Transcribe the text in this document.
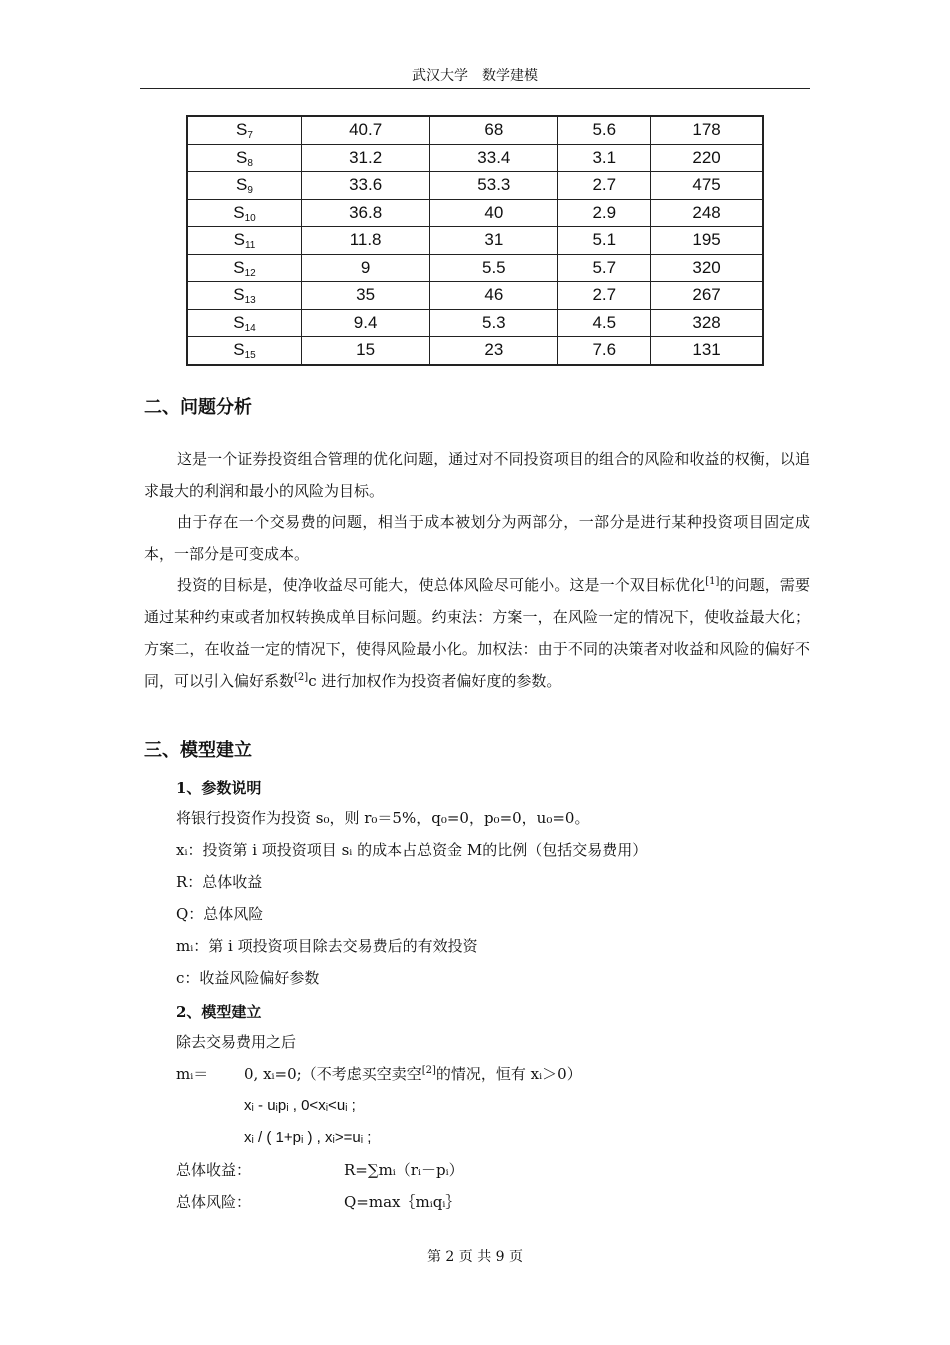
武汉大学　数学建模
$S_7$	40.7	68	5.6	178
$S_8$	31.2	33.4	3.1	220
$S_9$	33.6	53.3	2.7	475
$S_{10}$	36.8	40	2.9	248
$S_{11}$	11.8	31	5.1	195
$S_{12}$	9	5.5	5.7	320
$S_{13}$	35	46	2.7	267
$S_{14}$	9.4	5.3	4.5	328
$S_{15}$	15	23	7.6	131
二、问题分析

这是一个证券投资组合管理的优化问题，通过对不同投资项目的组合的风险和收益的权衡，以追求最大的利润和最小的风险为目标。

由于存在一个交易费的问题，相当于成本被划分为两部分，一部分是进行某种投资项目固定成本，一部分是可变成本。

投资的目标是，使净收益尽可能大，使总体风险尽可能小。这是一个双目标优化[1]的问题，需要通过某种约束或者加权转换成单目标问题。约束法：方案一，在风险一定的情况下，使收益最大化；方案二，在收益一定的情况下，使得风险最小化。加权法：由于不同的决策者对收益和风险的偏好不同，可以引入偏好系数[2]c 进行加权作为投资者偏好度的参数。

三、模型建立
1、参数说明
将银行投资作为投资 s₀，则 r₀＝5%，q₀=0，p₀=0，u₀=0。
xᵢ：投资第 i 项投资项目 sᵢ 的成本占总资金 M的比例（包括交易费用）
R：总体收益
Q：总体风险
mᵢ：第 i 项投资项目除去交易费后的有效投资
c：收益风险偏好参数
2、模型建立
除去交易费用之后
mᵢ＝ 0, xᵢ=0;（不考虑买空卖空[2]的情况，恒有 xᵢ＞0）
xᵢ - uᵢpᵢ , 0<xᵢ<uᵢ ;
xᵢ / ( 1+pᵢ ) , xᵢ>=uᵢ ;
总体收益：	R=∑mᵢ（rᵢ－pᵢ）
总体风险：	Q=max｛mᵢqᵢ｝
第 2 页 共 9 页
